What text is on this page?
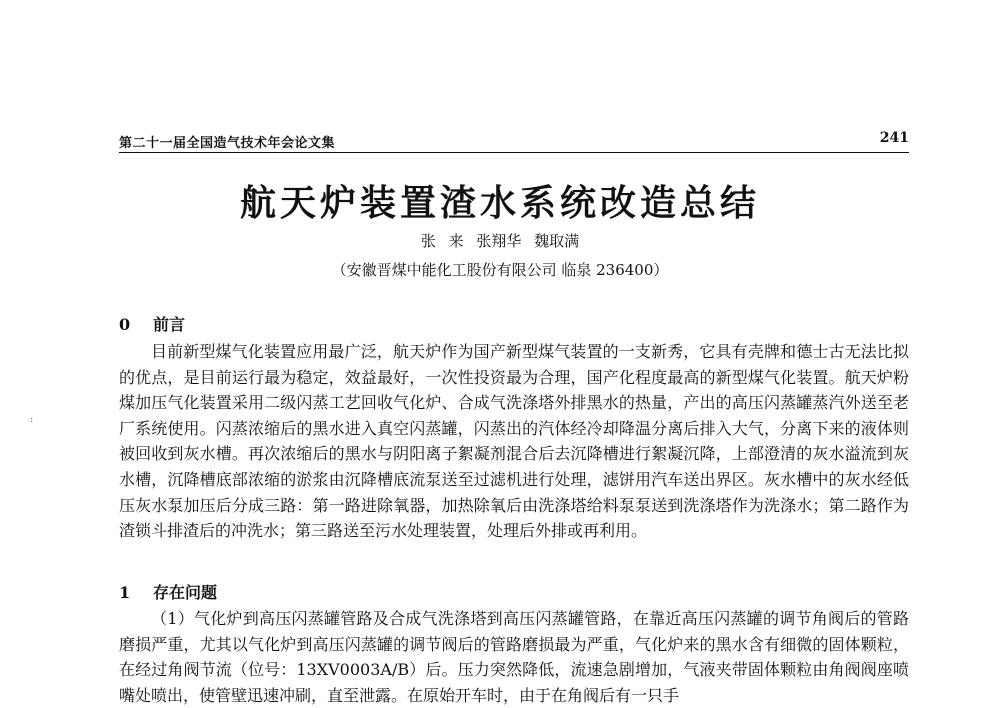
第二十一届全国造气技术年会论文集	241
航天炉装置渣水系统改造总结
张 来 张翔华 魏取满
（安徽晋煤中能化工股份有限公司 临泉 236400）
0 前言

目前新型煤气化装置应用最广泛，航天炉作为国产新型煤气装置的一支新秀，它具有壳牌和德士古无法比拟的优点，是目前运行最为稳定，效益最好，一次性投资最为合理，国产化程度最高的新型煤气化装置。航天炉粉煤加压气化装置采用二级闪蒸工艺回收气化炉、合成气洗涤塔外排黑水的热量，产出的高压闪蒸罐蒸汽外送至老厂系统使用。闪蒸浓缩后的黑水进入真空闪蒸罐，闪蒸出的汽体经冷却降温分离后排入大气，分离下来的液体则被回收到灰水槽。再次浓缩后的黑水与阴阳离子絮凝剂混合后去沉降槽进行絮凝沉降，上部澄清的灰水溢流到灰水槽，沉降槽底部浓缩的淤浆由沉降槽底流泵送至过滤机进行处理，滤饼用汽车送出界区。灰水槽中的灰水经低压灰水泵加压后分成三路：第一路进除氧器，加热除氧后由洗涤塔给料泵泵送到洗涤塔作为洗涤水；第二路作为渣锁斗排渣后的冲洗水；第三路送至污水处理装置，处理后外排或再利用。

1 存在问题

（1）气化炉到高压闪蒸罐管路及合成气洗涤塔到高压闪蒸罐管路，在靠近高压闪蒸罐的调节角阀后的管路磨损严重，尤其以气化炉到高压闪蒸罐的调节阀后的管路磨损最为严重，气化炉来的黑水含有细微的固体颗粒，在经过角阀节流（位号：13XV0003A/B）后。压力突然降低，流速急剧增加，气液夹带固体颗粒由角阀阀座喷嘴处喷出，使管壁迅速冲刷，直至泄露。在原始开车时，由于在角阀后有一只手

:
